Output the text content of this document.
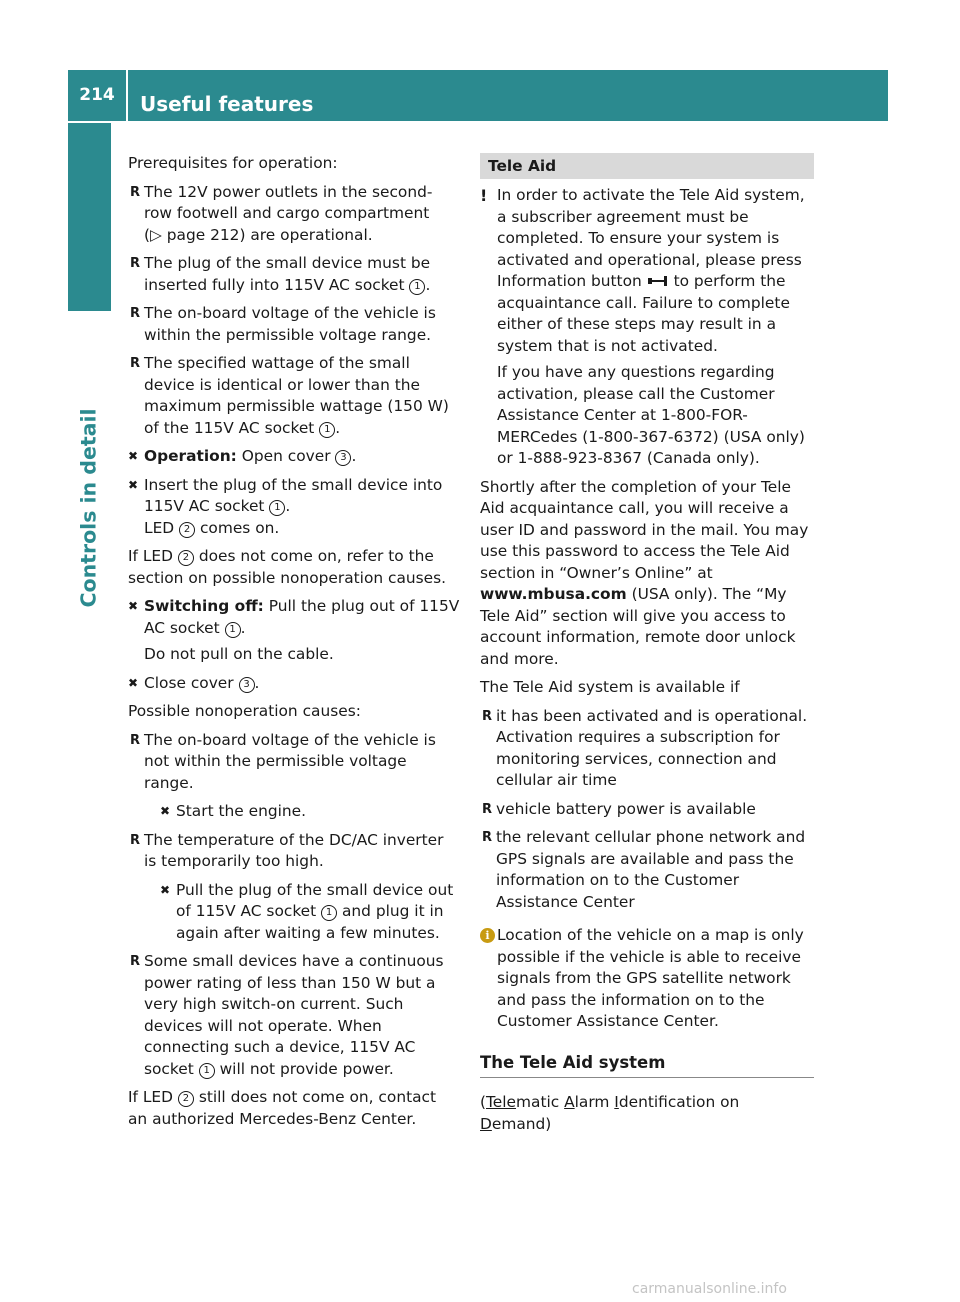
214	Useful features
Controls in detail

Prerequisites for operation:

R The 12V power outlets in the second-row footwell and cargo compartment
(▷ page 212) are operational.
R The plug of the small device must be inserted fully into 115V AC socket 1 .
R The on-board voltage of the vehicle is within the permissible voltage range.
R The specified wattage of the small device is identical or lower than the maximum permissible wattage (150 W) of the 115V AC socket 1 .
✖ Operation: Open cover 3 .
✖ Insert the plug of the small device into 115V AC socket 1 .
LED 2 comes on.

If LED 2 does not come on, refer to the section on possible nonoperation causes.

✖ Switching off: Pull the plug out of 115V AC socket 1 .
Do not pull on the cable.
✖ Close cover 3 .

Possible nonoperation causes:

R The on-board voltage of the vehicle is not within the permissible voltage range.
✖ Start the engine.
R The temperature of the DC/AC inverter is temporarily too high.
✖ Pull the plug of the small device out of 115V AC socket 1 and plug it in again after waiting a few minutes.
R Some small devices have a continuous power rating of less than 150 W but a very high switch-on current. Such devices will not operate. When connecting such a device, 115V AC socket 1 will not provide power.

If LED 2 still does not come on, contact an authorized Mercedes-Benz Center.

Tele Aid
! In order to activate the Tele Aid system, a subscriber agreement must be completed. To ensure your system is activated and operational, please press Information button to perform the acquaintance call. Failure to complete either of these steps may result in a system that is not activated.
If you have any questions regarding activation, please call the Customer Assistance Center at 1-800-FOR-MERCedes (1-800-367-6372) (USA only) or 1-888-923-8367 (Canada only).

Shortly after the completion of your Tele Aid acquaintance call, you will receive a user ID and password in the mail. You may use this password to access the Tele Aid section in “Owner’s Online” at www.mbusa.com (USA only). The “My Tele Aid” section will give you access to account information, remote door unlock and more.

The Tele Aid system is available if

R it has been activated and is operational. Activation requires a subscription for monitoring services, connection and cellular air time
R vehicle battery power is available
R the relevant cellular phone network and GPS signals are available and pass the information on to the Customer Assistance Center
i Location of the vehicle on a map is only possible if the vehicle is able to receive signals from the GPS satellite network and pass the information on to the Customer Assistance Center.
The Tele Aid system

(Telematic Alarm Identification on Demand)

carmanualsonline.info
